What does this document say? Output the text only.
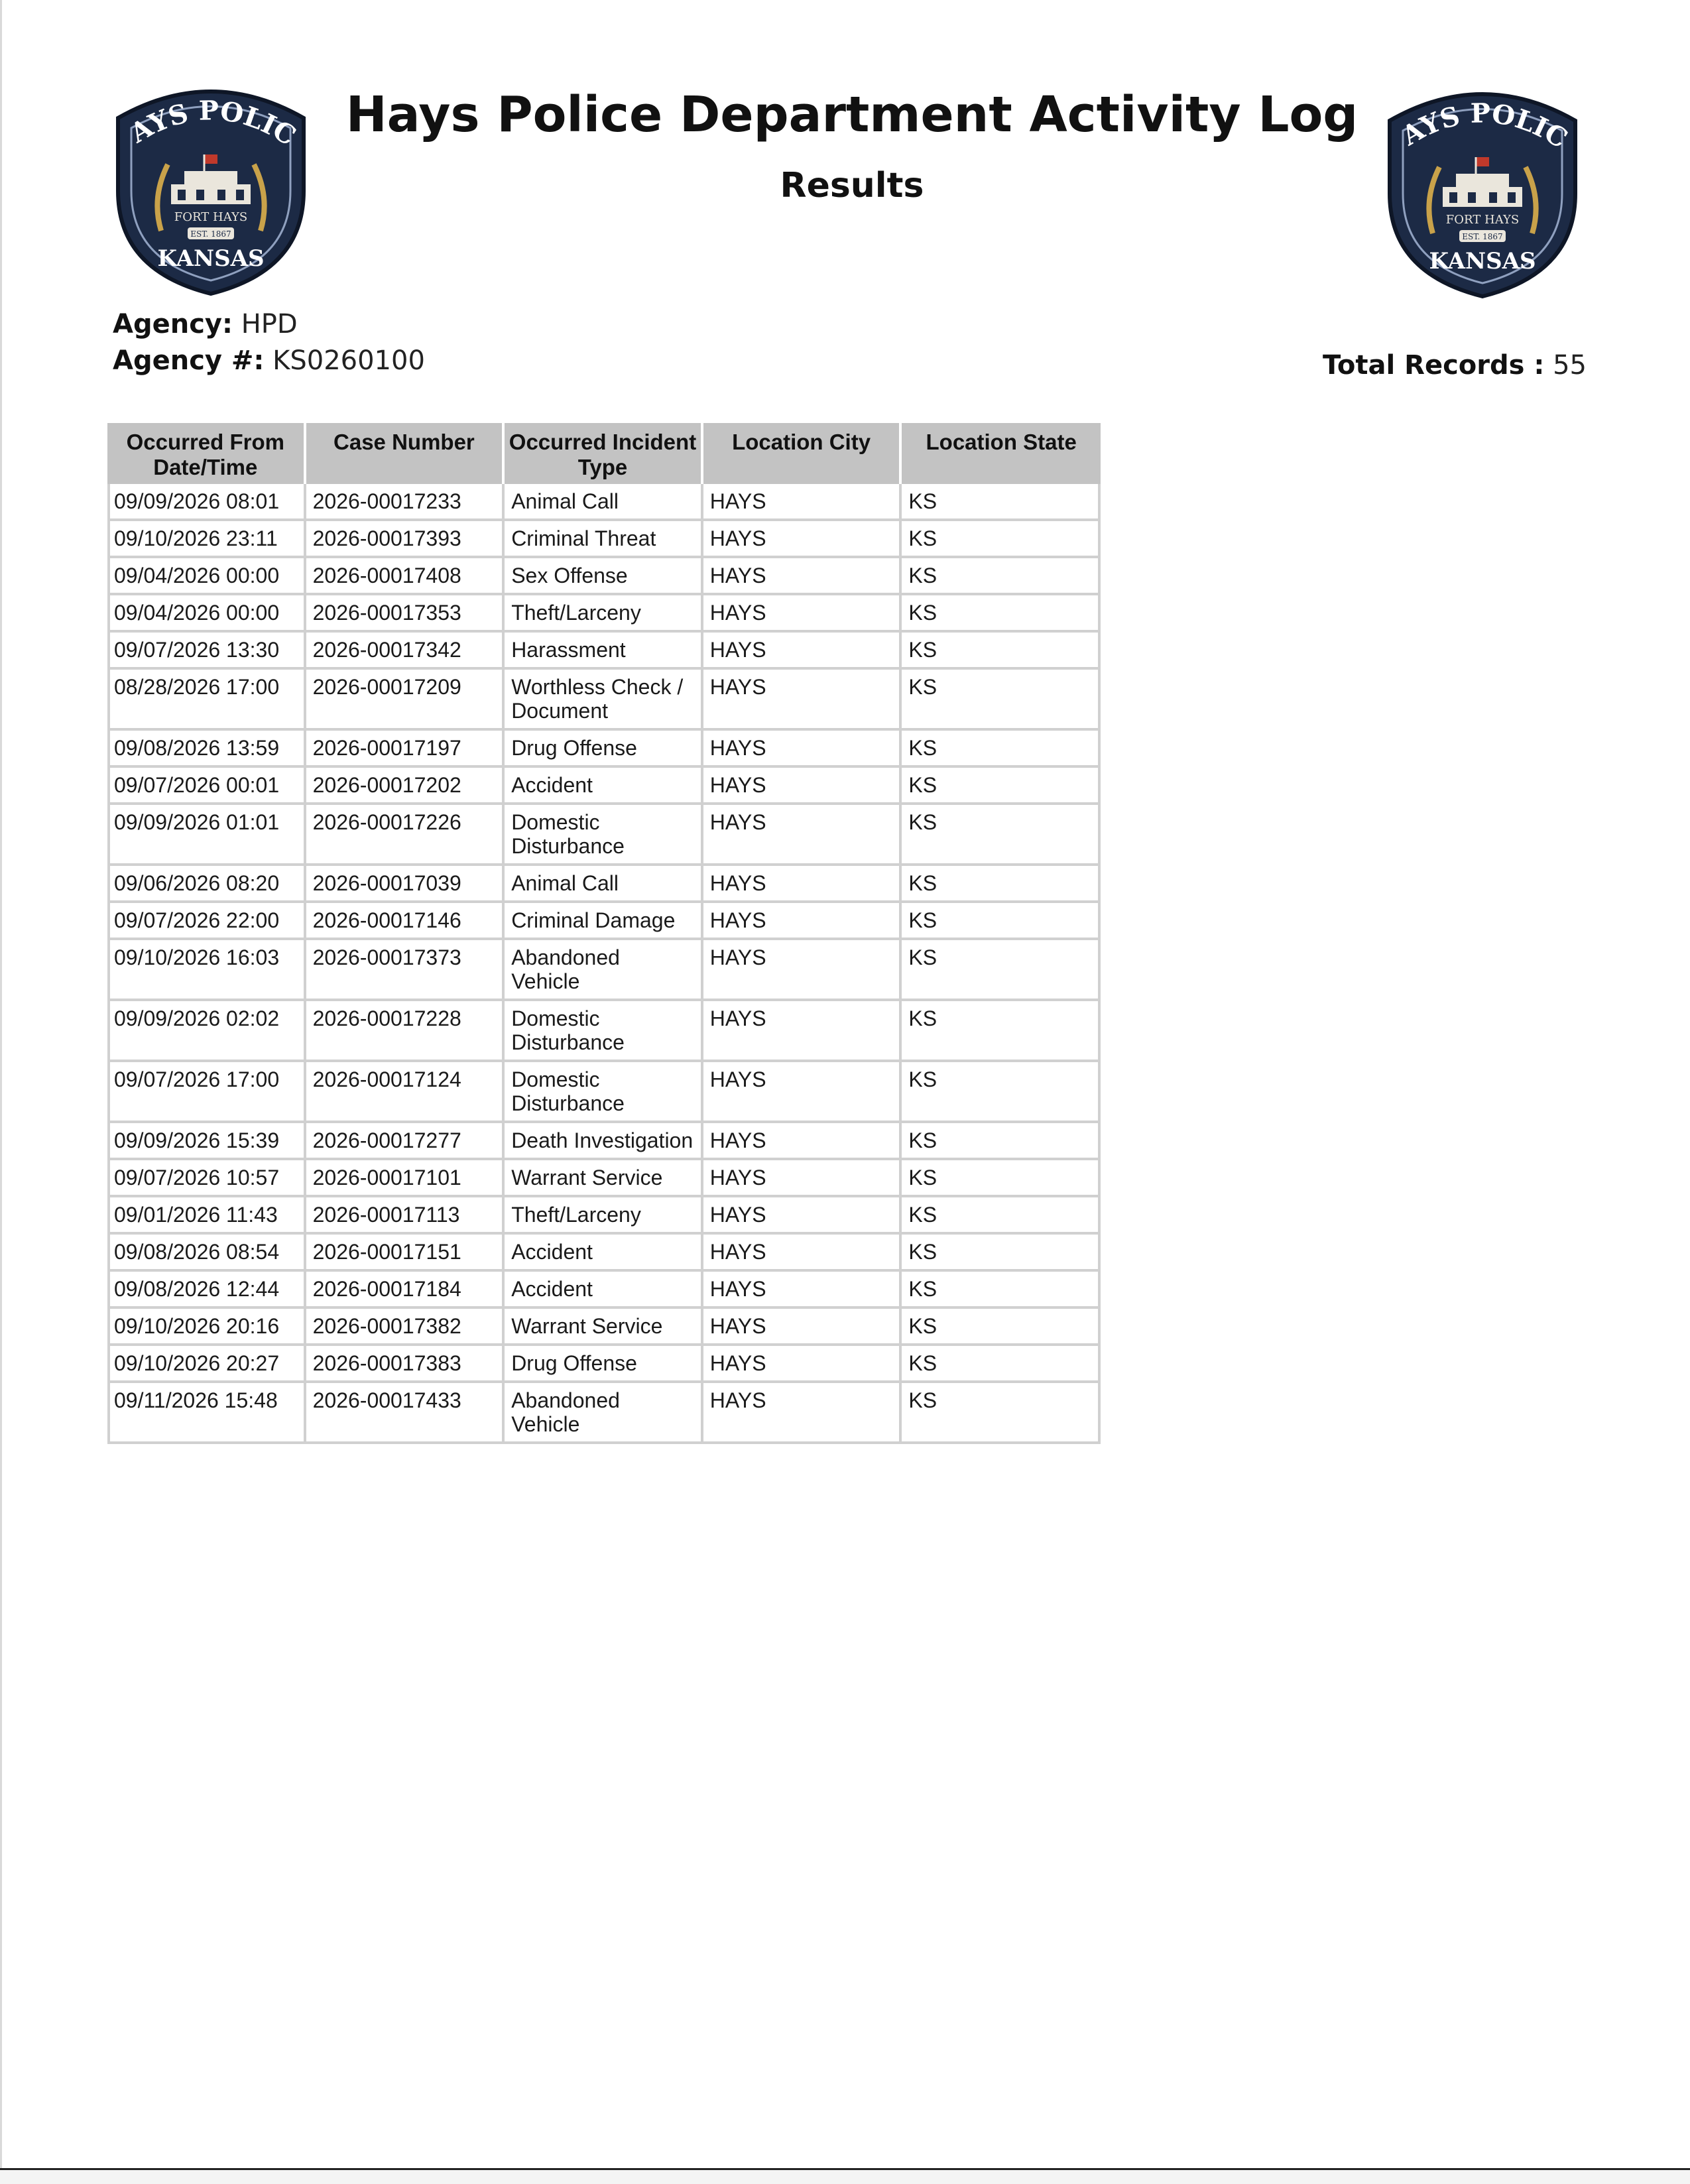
AYS POLIC
FORT HAYS
EST. 1867
KANSAS
AYS POLIC
FORT HAYS
EST. 1867
KANSAS
Hays Police Department Activity Log
Results
Agency: HPD
Agency #: KS0260100	Total Records : 55
Occurred From Date/Time	Case Number	Occurred Incident Type	Location City	Location State
09/09/2026 08:01	2026-00017233	Animal Call	HAYS	KS
09/10/2026 23:11	2026-00017393	Criminal Threat	HAYS	KS
09/04/2026 00:00	2026-00017408	Sex Offense	HAYS	KS
09/04/2026 00:00	2026-00017353	Theft/Larceny	HAYS	KS
09/07/2026 13:30	2026-00017342	Harassment	HAYS	KS
08/28/2026 17:00	2026-00017209	Worthless Check / Document	HAYS	KS
09/08/2026 13:59	2026-00017197	Drug Offense	HAYS	KS
09/07/2026 00:01	2026-00017202	Accident	HAYS	KS
09/09/2026 01:01	2026-00017226	Domestic Disturbance	HAYS	KS
09/06/2026 08:20	2026-00017039	Animal Call	HAYS	KS
09/07/2026 22:00	2026-00017146	Criminal Damage	HAYS	KS
09/10/2026 16:03	2026-00017373	Abandoned Vehicle	HAYS	KS
09/09/2026 02:02	2026-00017228	Domestic Disturbance	HAYS	KS
09/07/2026 17:00	2026-00017124	Domestic Disturbance	HAYS	KS
09/09/2026 15:39	2026-00017277	Death Investigation	HAYS	KS
09/07/2026 10:57	2026-00017101	Warrant Service	HAYS	KS
09/01/2026 11:43	2026-00017113	Theft/Larceny	HAYS	KS
09/08/2026 08:54	2026-00017151	Accident	HAYS	KS
09/08/2026 12:44	2026-00017184	Accident	HAYS	KS
09/10/2026 20:16	2026-00017382	Warrant Service	HAYS	KS
09/10/2026 20:27	2026-00017383	Drug Offense	HAYS	KS
09/11/2026 15:48	2026-00017433	Abandoned Vehicle	HAYS	KS
